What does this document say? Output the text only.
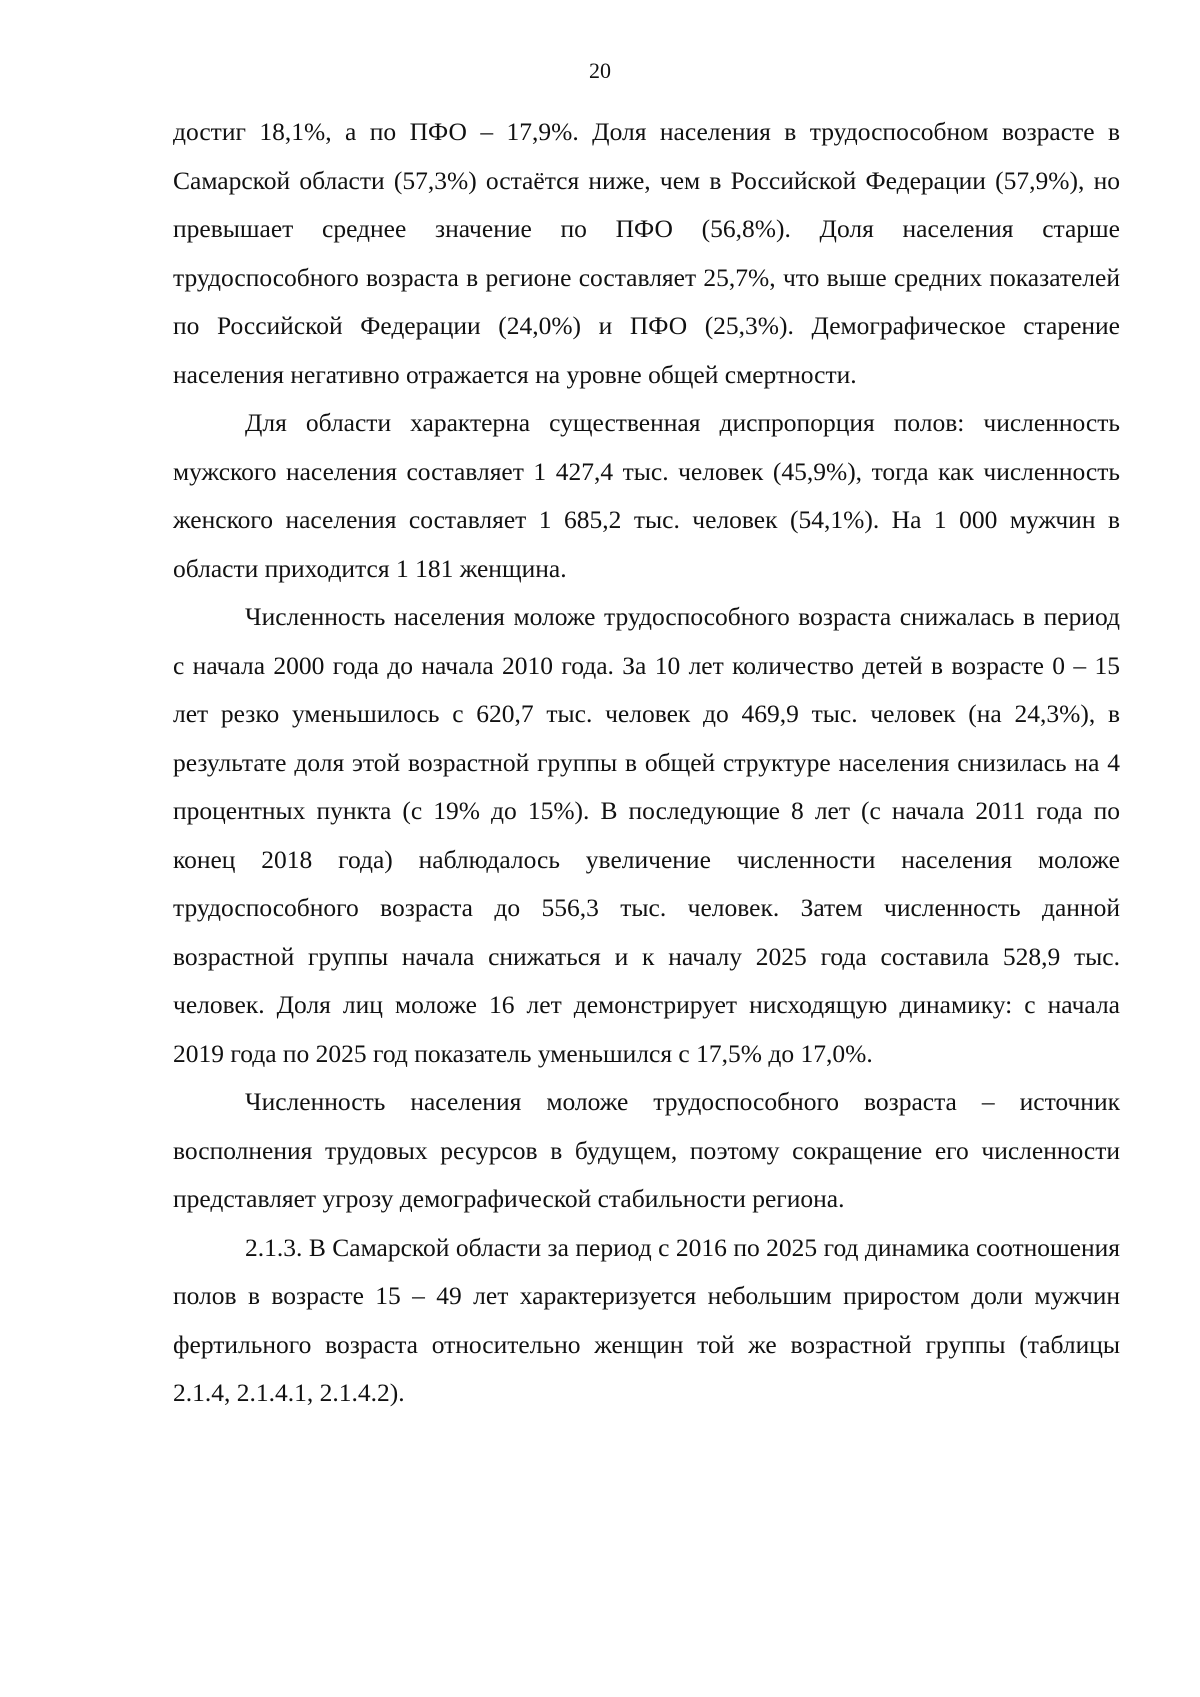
20

достиг 18,1%, а по ПФО – 17,9%. Доля населения в трудоспособном возрасте в Самарской области (57,3%) остаётся ниже, чем в Российской Федерации (57,9%), но превышает среднее значение по ПФО (56,8%). Доля населения старше трудоспособного возраста в регионе составляет 25,7%, что выше средних показателей по Российской Федерации (24,0%) и ПФО (25,3%). Демографическое старение населения негативно отражается на уровне общей смертности.

Для области характерна существенная диспропорция полов: численность мужского населения составляет 1 427,4 тыс. человек (45,9%), тогда как численность женского населения составляет 1 685,2 тыс. человек (54,1%). На 1 000 мужчин в области приходится 1 181 женщина.

Численность населения моложе трудоспособного возраста снижалась в период с начала 2000 года до начала 2010 года. За 10 лет количество детей в возрасте 0 – 15 лет резко уменьшилось с 620,7 тыс. человек до 469,9 тыс. человек (на 24,3%), в результате доля этой возрастной группы в общей структуре населения снизилась на 4 процентных пункта (с 19% до 15%). В последующие 8 лет (с начала 2011 года по конец 2018 года) наблюдалось увеличение численности населения моложе трудоспособного возраста до 556,3 тыс. человек. Затем численность данной возрастной группы начала снижаться и к началу 2025 года составила 528,9 тыс. человек. Доля лиц моложе 16 лет демонстрирует нисходящую динамику: с начала 2019 года по 2025 год показатель уменьшился с 17,5% до 17,0%.

Численность населения моложе трудоспособного возраста – источник восполнения трудовых ресурсов в будущем, поэтому сокращение его численности представляет угрозу демографической стабильности региона.

2.1.3. В Самарской области за период с 2016 по 2025 год динамика соотношения полов в возрасте 15 – 49 лет характеризуется небольшим приростом доли мужчин фертильного возраста относительно женщин той же возрастной группы (таблицы 2.1.4, 2.1.4.1, 2.1.4.2).
